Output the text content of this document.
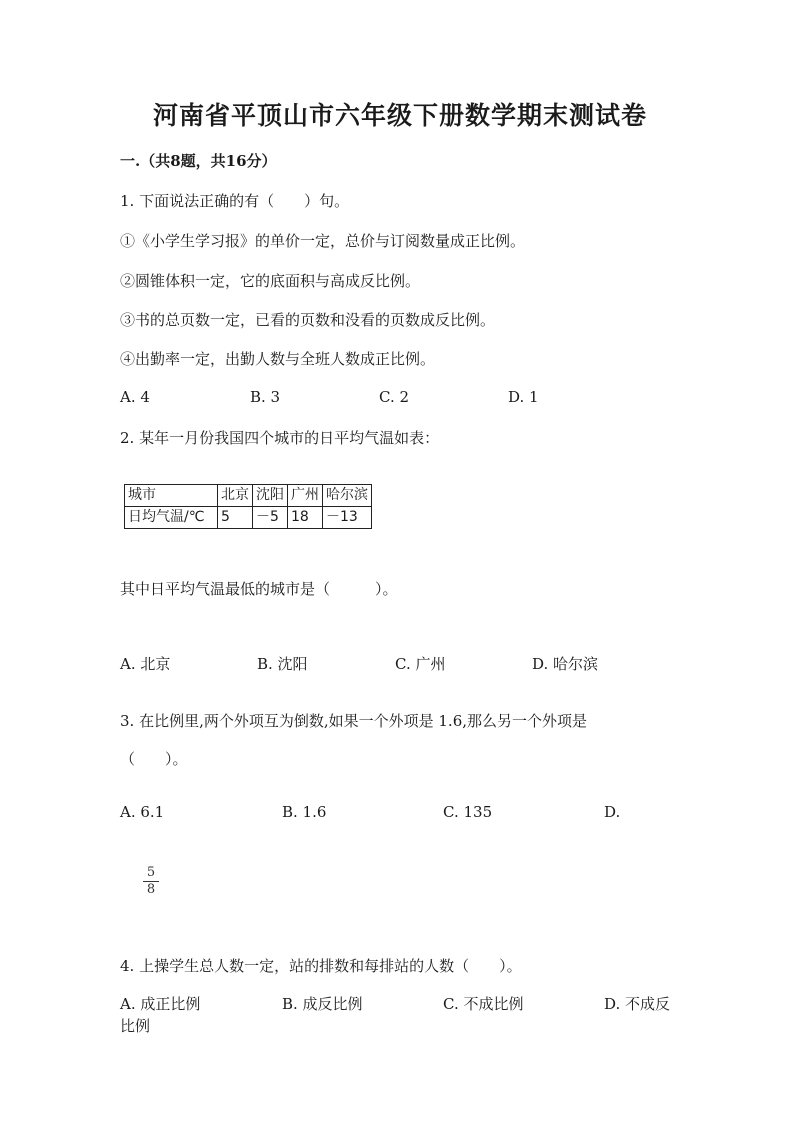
河南省平顶山市六年级下册数学期末测试卷
一.（共8题，共16分）
1. 下面说法正确的有（　　）句。
①《小学生学习报》的单价一定，总价与订阅数量成正比例。
②圆锥体积一定，它的底面积与高成反比例。
③书的总页数一定，已看的页数和没看的页数成反比例。
④出勤率一定，出勤人数与全班人数成正比例。
A. 4	B. 3	C. 2	D. 1
2. 某年一月份我国四个城市的日平均气温如表：
城市	北京	沈阳	广州	哈尔滨
日均气温/℃	5	－5	18	－13
其中日平均气温最低的城市是（　　　）。
A. 北京	B. 沈阳	C. 广州	D. 哈尔滨
3. 在比例里,两个外项互为倒数,如果一个外项是 1.6,那么另一个外项是
（　　）。
A. 6.1	B. 1.6	C. 135	D.
5
8
4. 上操学生总人数一定，站的排数和每排站的人数（　　）。
A. 成正比例	B. 成反比例	C. 不成比例	D. 不成反
比例
